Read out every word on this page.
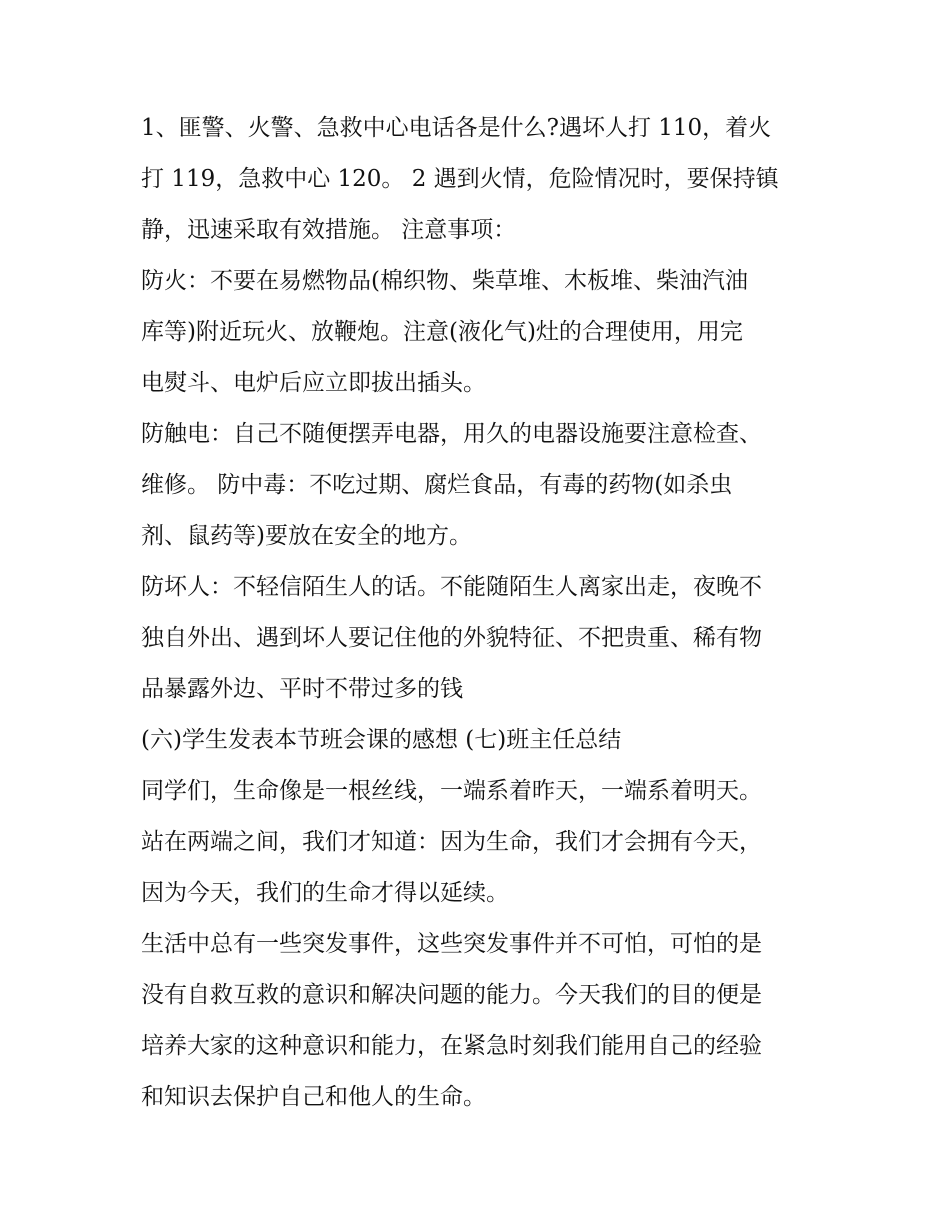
1、匪警、火警、急救中心电话各是什么?遇坏人打 110，着火
打 119，急救中心 120。 2 遇到火情，危险情况时，要保持镇
静，迅速采取有效措施。 注意事项：
防火：不要在易燃物品(棉织物、柴草堆、木板堆、柴油汽油
库等)附近玩火、放鞭炮。注意(液化气)灶的合理使用，用完
电熨斗、电炉后应立即拔出插头。
防触电：自己不随便摆弄电器，用久的电器设施要注意检查、
维修。 防中毒：不吃过期、腐烂食品，有毒的药物(如杀虫
剂、鼠药等)要放在安全的地方。
防坏人：不轻信陌生人的话。不能随陌生人离家出走，夜晚不
独自外出、遇到坏人要记住他的外貌特征、不把贵重、稀有物
品暴露外边、平时不带过多的钱
(六)学生发表本节班会课的感想 (七)班主任总结
同学们，生命像是一根丝线，一端系着昨天，一端系着明天。
站在两端之间，我们才知道：因为生命，我们才会拥有今天，
因为今天，我们的生命才得以延续。
生活中总有一些突发事件，这些突发事件并不可怕，可怕的是
没有自救互救的意识和解决问题的能力。今天我们的目的便是
培养大家的这种意识和能力，在紧急时刻我们能用自己的经验
和知识去保护自己和他人的生命。
